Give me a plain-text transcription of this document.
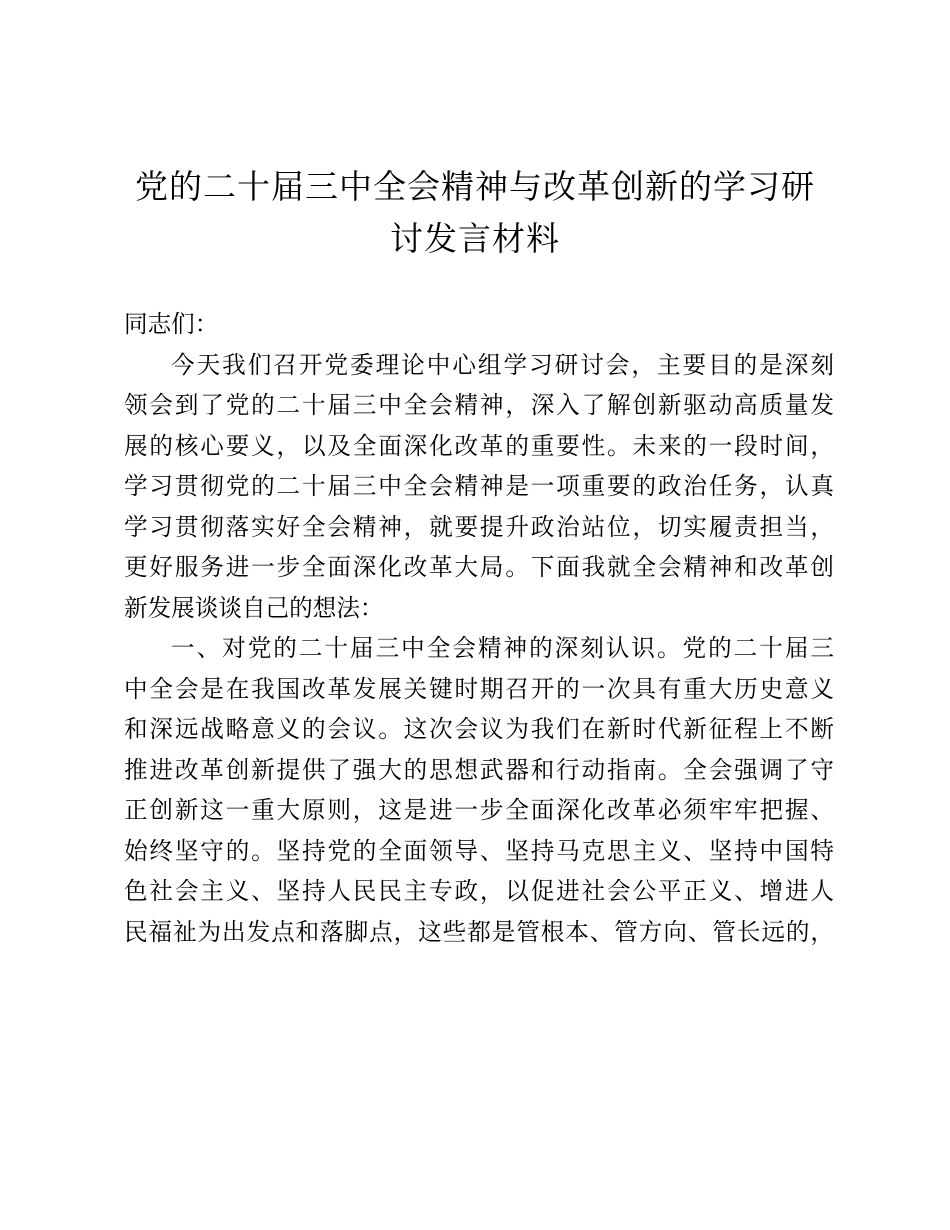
党的二十届三中全会精神与改革创新的学习研
讨发言材料
同志们：
今天我们召开党委理论中心组学习研讨会，主要目的是深刻
领会到了党的二十届三中全会精神，深入了解创新驱动高质量发
展的核心要义，以及全面深化改革的重要性。未来的一段时间，
学习贯彻党的二十届三中全会精神是一项重要的政治任务，认真
学习贯彻落实好全会精神，就要提升政治站位，切实履责担当，
更好服务进一步全面深化改革大局。下面我就全会精神和改革创
新发展谈谈自己的想法：
一、对党的二十届三中全会精神的深刻认识。党的二十届三
中全会是在我国改革发展关键时期召开的一次具有重大历史意义
和深远战略意义的会议。这次会议为我们在新时代新征程上不断
推进改革创新提供了强大的思想武器和行动指南。全会强调了守
正创新这一重大原则，这是进一步全面深化改革必须牢牢把握、
始终坚守的。坚持党的全面领导、坚持马克思主义、坚持中国特
色社会主义、坚持人民民主专政，以促进社会公平正义、增进人
民福祉为出发点和落脚点，这些都是管根本、管方向、管长远的，
